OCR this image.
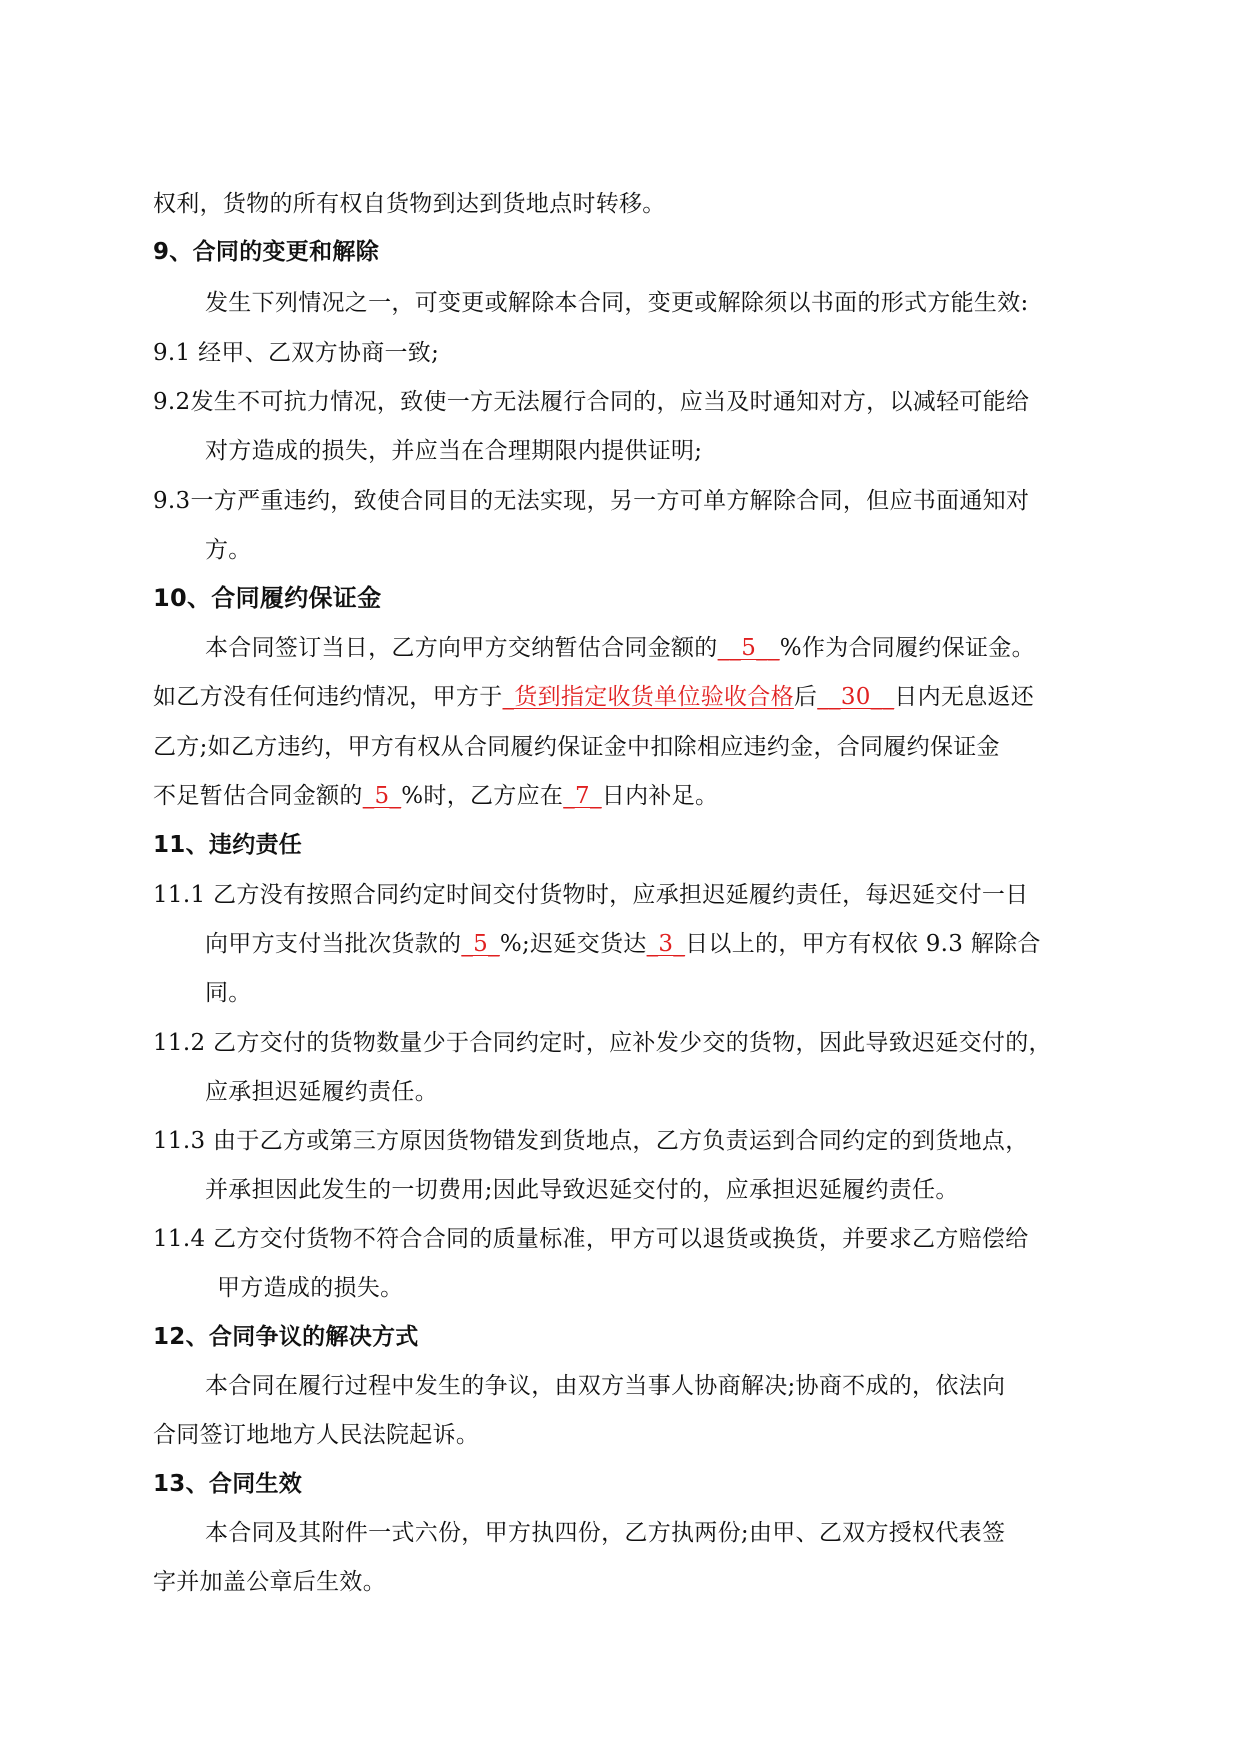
权利，货物的所有权自货物到达到货地点时转移。
9、合同的变更和解除
发生下列情况之一，可变更或解除本合同，变更或解除须以书面的形式方能生效:
9.1 经甲、乙双方协商一致;
9.2发生不可抗力情况，致使一方无法履行合同的，应当及时通知对方，以减轻可能给
对方造成的损失，并应当在合理期限内提供证明;
9.3一方严重违约，致使合同目的无法实现，另一方可单方解除合同，但应书面通知对
方。
10、合同履约保证金
本合同签订当日，乙方向甲方交纳暂估合同金额的__5__%作为合同履约保证金。
如乙方没有任何违约情况，甲方于_货到指定收货单位验收合格后__30__日内无息返还
乙方;如乙方违约，甲方有权从合同履约保证金中扣除相应违约金，合同履约保证金
不足暂估合同金额的_5_%时，乙方应在_7_日内补足。
11、违约责任
11.1 乙方没有按照合同约定时间交付货物时，应承担迟延履约责任，每迟延交付一日
向甲方支付当批次货款的_5_%;迟延交货达_3_日以上的，甲方有权依 9.3 解除合
同。
11.2 乙方交付的货物数量少于合同约定时，应补发少交的货物，因此导致迟延交付的，
应承担迟延履约责任。
11.3 由于乙方或第三方原因货物错发到货地点，乙方负责运到合同约定的到货地点，
并承担因此发生的一切费用;因此导致迟延交付的，应承担迟延履约责任。
11.4 乙方交付货物不符合合同的质量标准，甲方可以退货或换货，并要求乙方赔偿给
甲方造成的损失。
12、合同争议的解决方式
本合同在履行过程中发生的争议，由双方当事人协商解决;协商不成的，依法向
合同签订地地方人民法院起诉。
13、合同生效
本合同及其附件一式六份，甲方执四份，乙方执两份;由甲、乙双方授权代表签
字并加盖公章后生效。
